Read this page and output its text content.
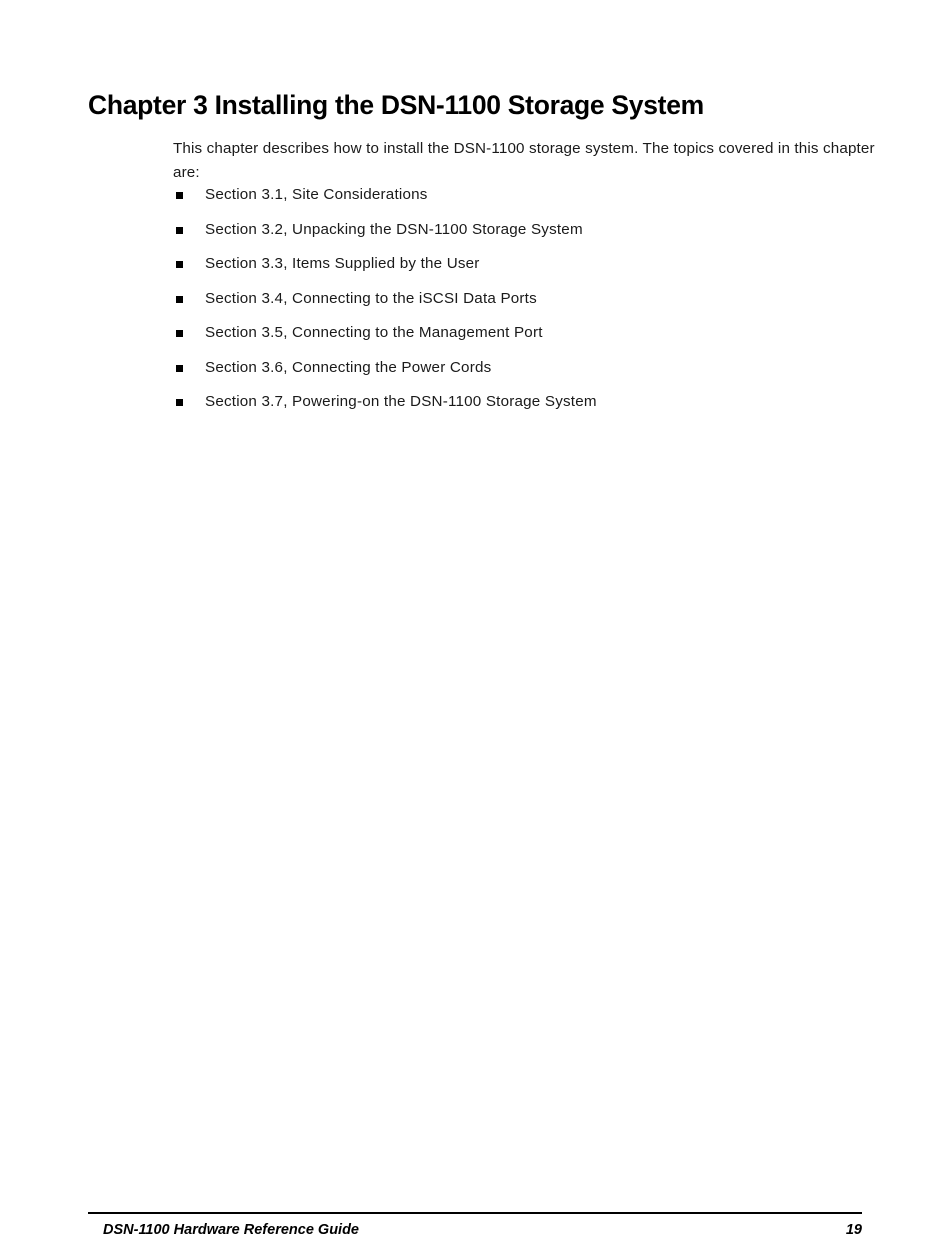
Chapter 3 Installing the DSN-1100 Storage System

This chapter describes how to install the DSN-1100 storage system. The topics covered in this chapter are:

Section 3.1, Site Considerations
Section 3.2, Unpacking the DSN-1100 Storage System
Section 3.3, Items Supplied by the User
Section 3.4, Connecting to the iSCSI Data Ports
Section 3.5, Connecting to the Management Port
Section 3.6, Connecting the Power Cords
Section 3.7, Powering-on the DSN-1100 Storage System
DSN-1100 Hardware Reference Guide	19
